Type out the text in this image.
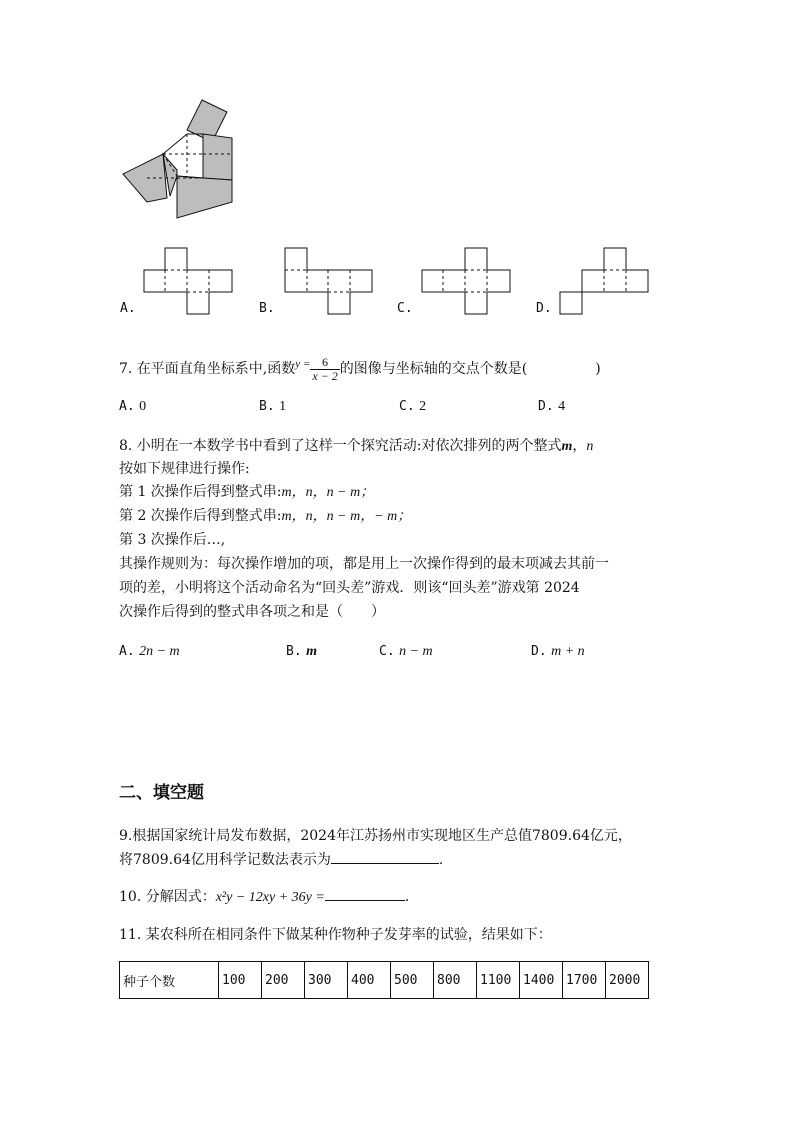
A.	B.	C.	D.
7. 在平面直角坐标系中,函数$^{y =} \frac{6}{x - 2}$ 的图像与坐标轴的交点个数是(	)
A. 0	B. 1	C. 2	D. 4
8. 小明在一本数学书中看到了这样一个探究活动:对依次排列的两个整式m，n
按如下规律进行操作:
第 1 次操作后得到整式串:m，n，n − m；
第 2 次操作后得到整式串:m，n，n − m，− m；
第 3 次操作后…,
其操作规则为：每次操作增加的项，都是用上一次操作得到的最末项减去其前一
项的差，小明将这个活动命名为“回头差”游戏．则该“回头差”游戏第 2024
次操作后得到的整式串各项之和是（　　）
A. 2n − m	B. m	C. n − m	D. m + n
二、填空题
9.根据国家统计局发布数据，2024年江苏扬州市实现地区生产总值7809.64亿元，
将7809.64亿用科学记数法表示为	.
10. 分解因式：x²y − 12xy + 36y =	.
11. 某农科所在相同条件下做某种作物种子发芽率的试验，结果如下：
种子个数	100	200	300	400	500	800	1100	1400	1700	2000
